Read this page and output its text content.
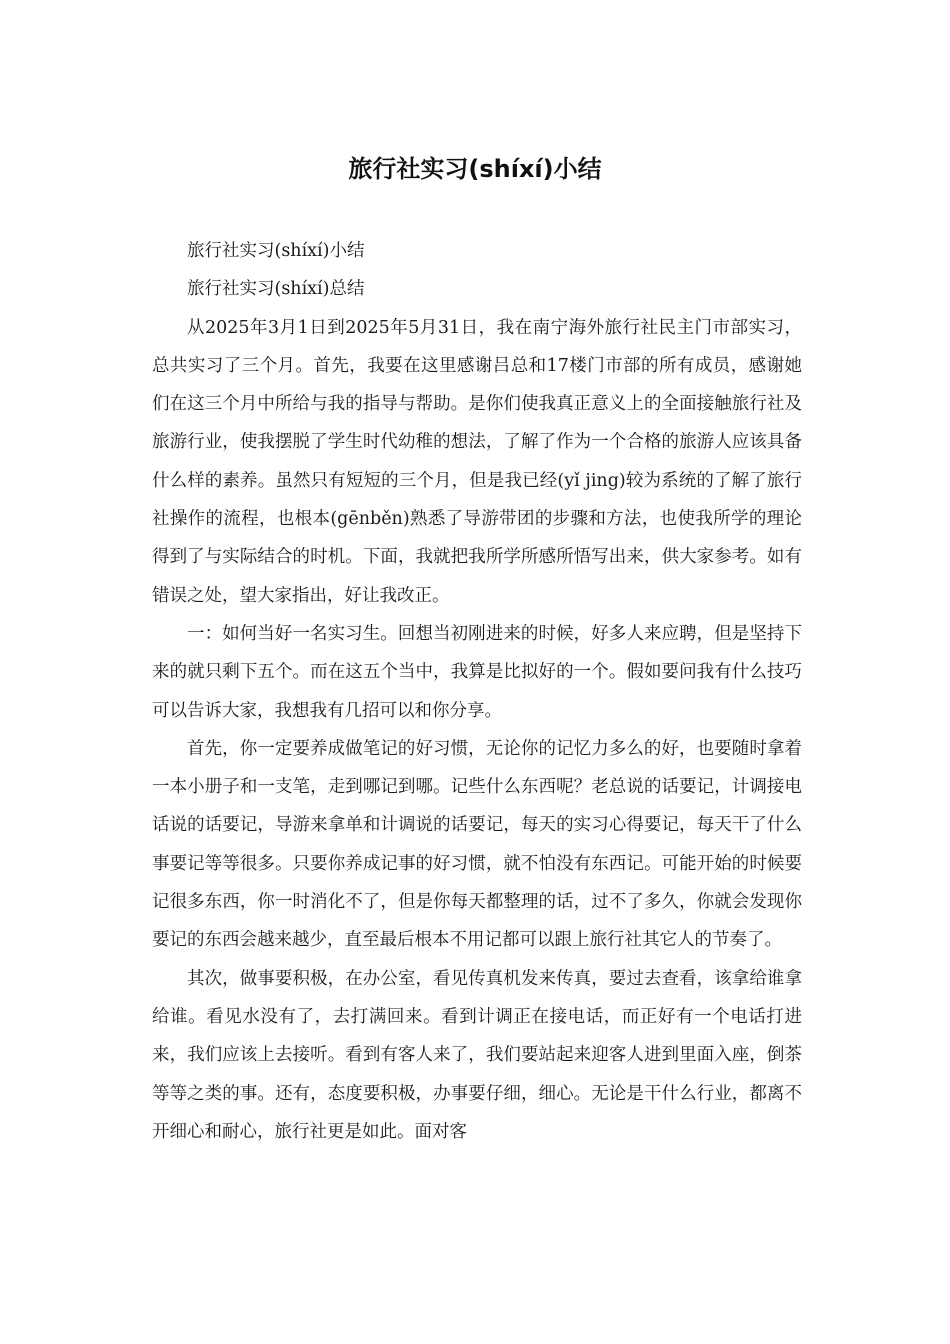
旅行社实习(shíxí)小结

旅行社实习(shíxí)小结

旅行社实习(shíxí)总结

从2025年3月1日到2025年5月31日，我在南宁海外旅行社民主门市部实习，总共实习了三个月。首先，我要在这里感谢吕总和17楼门市部的所有成员，感谢她们在这三个月中所给与我的指导与帮助。是你们使我真正意义上的全面接触旅行社及旅游行业，使我摆脱了学生时代幼稚的想法，了解了作为一个合格的旅游人应该具备什么样的素养。虽然只有短短的三个月，但是我已经(yǐ jing)较为系统的了解了旅行社操作的流程，也根本(gēnběn)熟悉了导游带团的步骤和方法，也使我所学的理论得到了与实际结合的时机。下面，我就把我所学所感所悟写出来，供大家参考。如有错误之处，望大家指出，好让我改正。

一：如何当好一名实习生。回想当初刚进来的时候，好多人来应聘，但是坚持下来的就只剩下五个。而在这五个当中，我算是比拟好的一个。假如要问我有什么技巧可以告诉大家，我想我有几招可以和你分享。

首先，你一定要养成做笔记的好习惯，无论你的记忆力多么的好，也要随时拿着一本小册子和一支笔，走到哪记到哪。记些什么东西呢？老总说的话要记，计调接电话说的话要记，导游来拿单和计调说的话要记，每天的实习心得要记，每天干了什么事要记等等很多。只要你养成记事的好习惯，就不怕没有东西记。可能开始的时候要记很多东西，你一时消化不了，但是你每天都整理的话，过不了多久，你就会发现你要记的东西会越来越少，直至最后根本不用记都可以跟上旅行社其它人的节奏了。

其次，做事要积极，在办公室，看见传真机发来传真，要过去查看，该拿给谁拿给谁。看见水没有了，去打满回来。看到计调正在接电话，而正好有一个电话打进来，我们应该上去接听。看到有客人来了，我们要站起来迎客人进到里面入座，倒茶等等之类的事。还有，态度要积极，办事要仔细，细心。无论是干什么行业，都离不开细心和耐心，旅行社更是如此。面对客
